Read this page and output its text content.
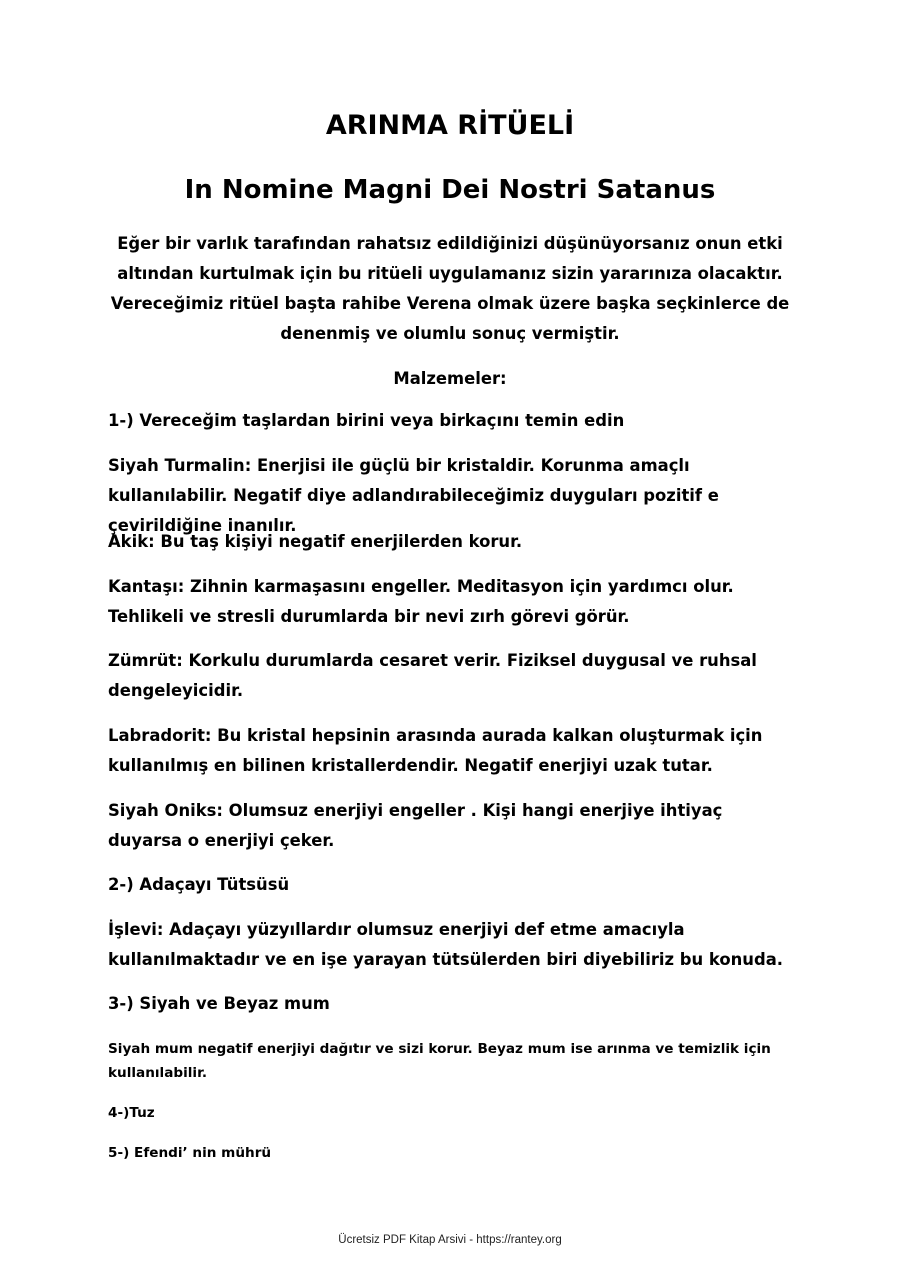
ARINMA RİTÜELİ
In Nomine Magni Dei Nostri Satanus

Eğer bir varlık tarafından rahatsız edildiğinizi düşünüyorsanız onun etki altından kurtulmak için bu ritüeli uygulamanız sizin yararınıza olacaktır. Vereceğimiz ritüel başta rahibe Verena olmak üzere başka seçkinlerce de denenmiş ve olumlu sonuç vermiştir.

Malzemeler:

1-) Vereceğim taşlardan birini veya birkaçını temin edin

Siyah Turmalin: Enerjisi ile güçlü bir kristaldir. Korunma amaçlı kullanılabilir. Negatif diye adlandırabileceğimiz duyguları pozitif e çevirildiğine inanılır.

Akik: Bu taş kişiyi negatif enerjilerden korur.

Kantaşı: Zihnin karmaşasını engeller. Meditasyon için yardımcı olur. Tehlikeli ve stresli durumlarda bir nevi zırh görevi görür.

Zümrüt: Korkulu durumlarda cesaret verir. Fiziksel duygusal ve ruhsal dengeleyicidir.

Labradorit: Bu kristal hepsinin arasında aurada kalkan oluşturmak için kullanılmış en bilinen kristallerdendir. Negatif enerjiyi uzak tutar.

Siyah Oniks: Olumsuz enerjiyi engeller . Kişi hangi enerjiye ihtiyaç duyarsa o enerjiyi çeker.

2-) Adaçayı Tütsüsü

İşlevi: Adaçayı yüzyıllardır olumsuz enerjiyi def etme amacıyla kullanılmaktadır ve en işe yarayan tütsülerden biri diyebiliriz bu konuda.

3-) Siyah ve Beyaz mum

Siyah mum negatif enerjiyi dağıtır ve sizi korur. Beyaz mum ise arınma ve temizlik için kullanılabilir.

4-)Tuz

5-) Efendi’ nin mührü

Ücretsiz PDF Kitap Arsivi - https://rantey.org
